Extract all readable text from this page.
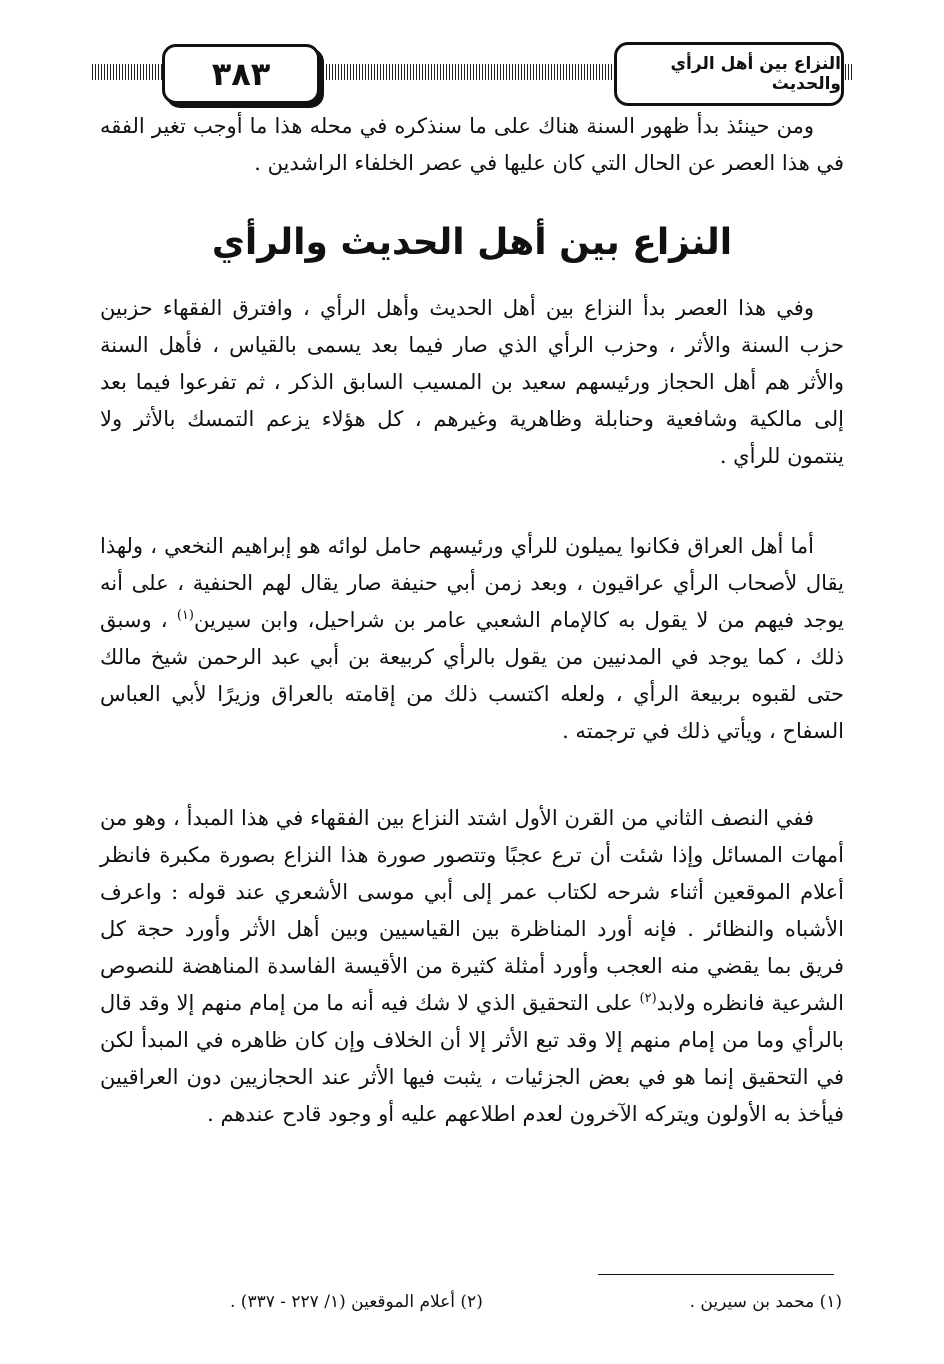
٣٨٣	النزاع بين أهل الرأي والحديث

ومن حينئذ بدأ ظهور السنة هناك على ما سنذكره في محله هذا ما أوجب تغير الفقه في هذا العصر عن الحال التي كان عليها في عصر الخلفاء الراشدين .

النزاع بين أهل الحديث والرأي

وفي هذا العصر بدأ النزاع بين أهل الحديث وأهل الرأي ، وافترق الفقهاء حزبين حزب السنة والأثر ، وحزب الرأي الذي صار فيما بعد يسمى بالقياس ، فأهل السنة والأثر هم أهل الحجاز ورئيسهم سعيد بن المسيب السابق الذكر ، ثم تفرعوا فيما بعد إلى مالكية وشافعية وحنابلة وظاهرية وغيرهم ، كل هؤلاء يزعم التمسك بالأثر ولا ينتمون للرأي .

أما أهل العراق فكانوا يميلون للرأي ورئيسهم حامل لوائه هو إبراهيم النخعي ، ولهذا يقال لأصحاب الرأي عراقيون ، وبعد زمن أبي حنيفة صار يقال لهم الحنفية ، على أنه يوجد فيهم من لا يقول به كالإمام الشعبي عامر بن شراحيل، وابن سيرين$^{(١)}$ ، وسبق ذلك ، كما يوجد في المدنيين من يقول بالرأي كربيعة بن أبي عبد الرحمن شيخ مالك حتى لقبوه بربيعة الرأي ، ولعله اكتسب ذلك من إقامته بالعراق وزيرًا لأبي العباس السفاح ، ويأتي ذلك في ترجمته .

ففي النصف الثاني من القرن الأول اشتد النزاع بين الفقهاء في هذا المبدأ ، وهو من أمهات المسائل وإذا شئت أن ترع عجبًا وتتصور صورة هذا النزاع بصورة مكبرة فانظر أعلام الموقعين أثناء شرحه لكتاب عمر إلى أبي موسى الأشعري عند قوله : واعرف الأشباه والنظائر . فإنه أورد المناظرة بين القياسيين وبين أهل الأثر وأورد حجة كل فريق بما يقضي منه العجب وأورد أمثلة كثيرة من الأقيسة الفاسدة المناهضة للنصوص الشرعية فانظره ولابد$^{(٢)}$ على التحقيق الذي لا شك فيه أنه ما من إمام منهم إلا وقد قال بالرأي وما من إمام منهم إلا وقد تبع الأثر إلا أن الخلاف وإن كان ظاهره في المبدأ لكن في التحقيق إنما هو في بعض الجزئيات ، يثبت فيها الأثر عند الحجازيين دون العراقيين فيأخذ به الأولون ويتركه الآخرون لعدم اطلاعهم عليه أو وجود قادح عندهم .

(١) محمد بن سيرين .
(٢) أعلام الموقعين (١/ ٢٢٧ - ٣٣٧) .
